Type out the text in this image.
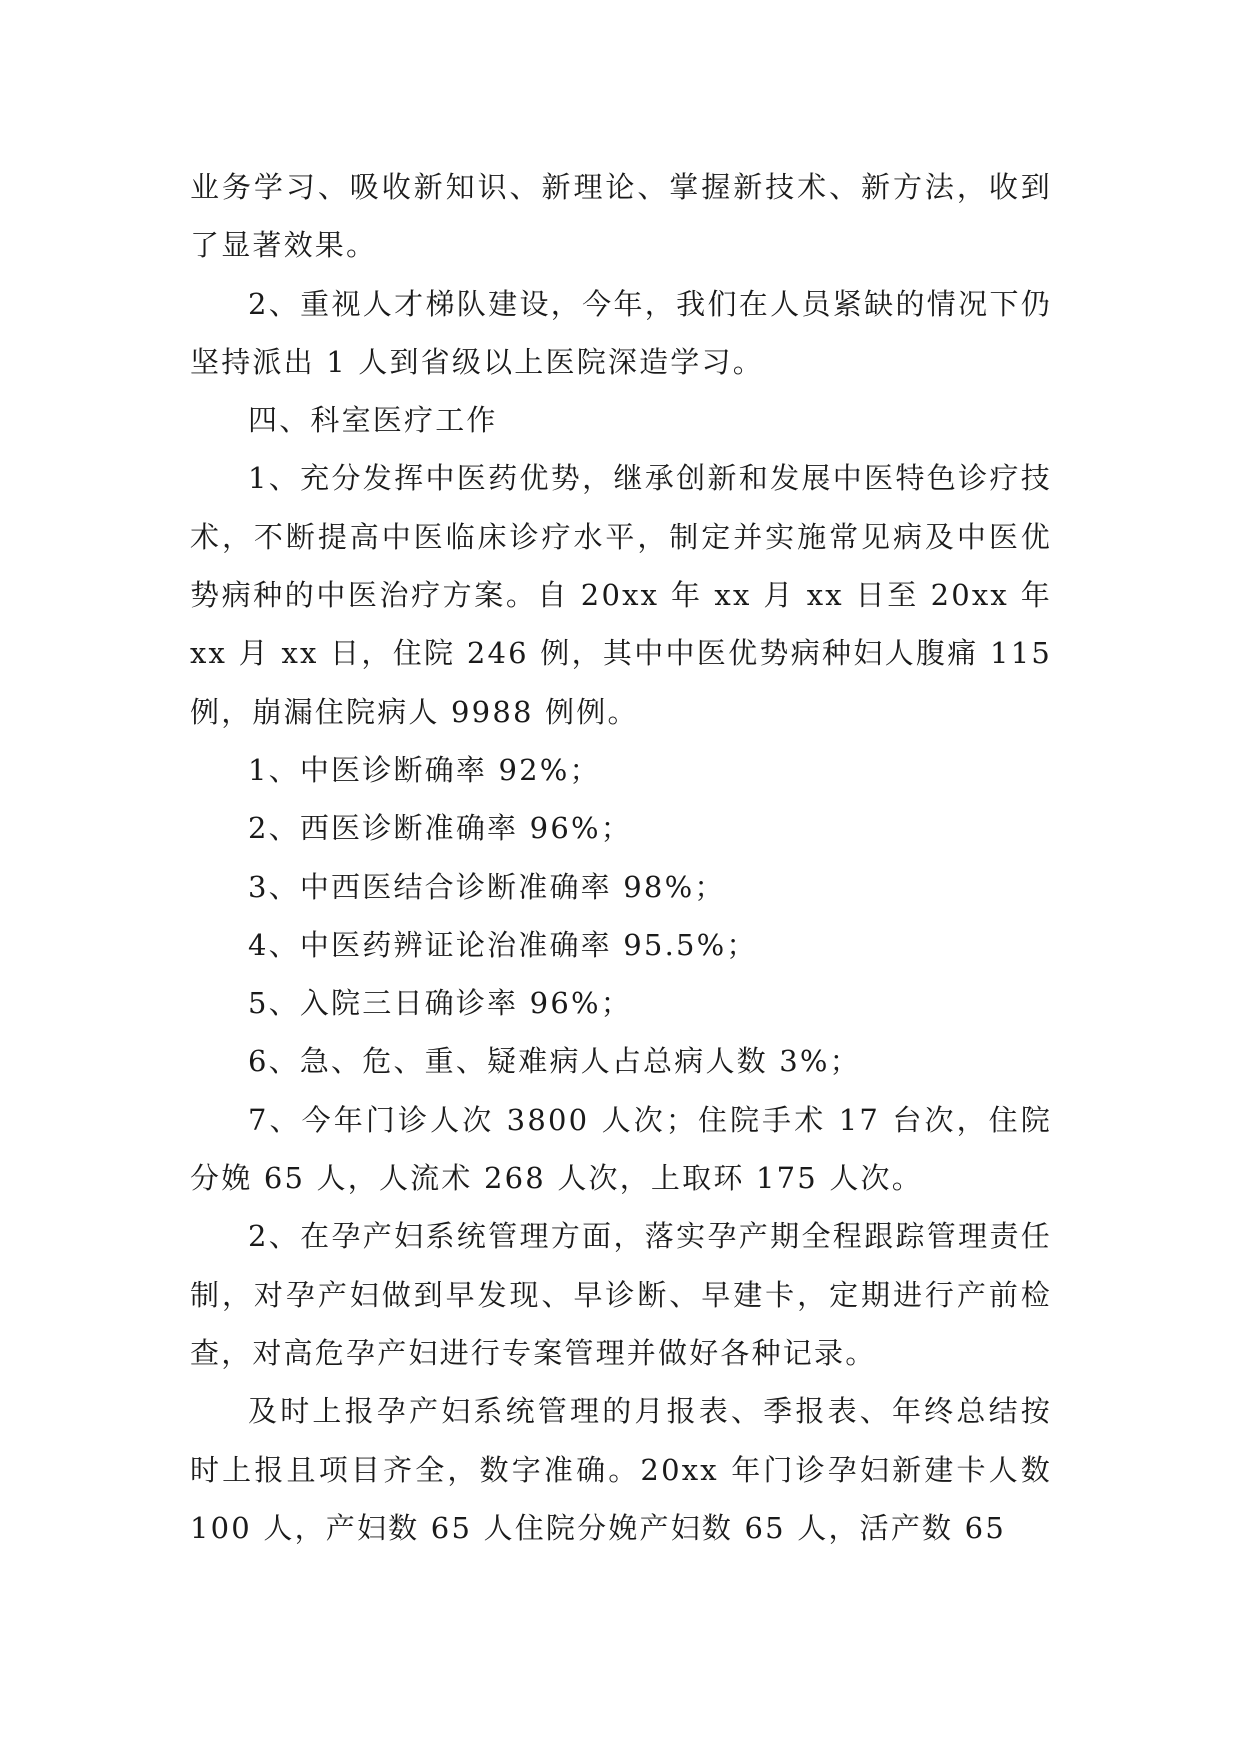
业务学习、吸收新知识、新理论、掌握新技术、新方法，收到了显著效果。

2、重视人才梯队建设，今年，我们在人员紧缺的情况下仍坚持派出 1 人到省级以上医院深造学习。

四、科室医疗工作

1、充分发挥中医药优势，继承创新和发展中医特色诊疗技术，不断提高中医临床诊疗水平，制定并实施常见病及中医优势病种的中医治疗方案。自 20xx 年 xx 月 xx 日至 20xx 年 xx 月 xx 日，住院 246 例，其中中医优势病种妇人腹痛 115 例，崩漏住院病人 9988 例例。

1、中医诊断确率 92%；

2、西医诊断准确率 96%；

3、中西医结合诊断准确率 98%；

4、中医药辨证论治准确率 95.5%；

5、入院三日确诊率 96%；

6、急、危、重、疑难病人占总病人数 3%；

7、今年门诊人次 3800 人次；住院手术 17 台次，住院分娩 65 人，人流术 268 人次，上取环 175 人次。

2、在孕产妇系统管理方面，落实孕产期全程跟踪管理责任制，对孕产妇做到早发现、早诊断、早建卡，定期进行产前检查，对高危孕产妇进行专案管理并做好各种记录。

及时上报孕产妇系统管理的月报表、季报表、年终总结按时上报且项目齐全，数字准确。20xx 年门诊孕妇新建卡人数 100 人，产妇数 65 人住院分娩产妇数 65 人，活产数 65
